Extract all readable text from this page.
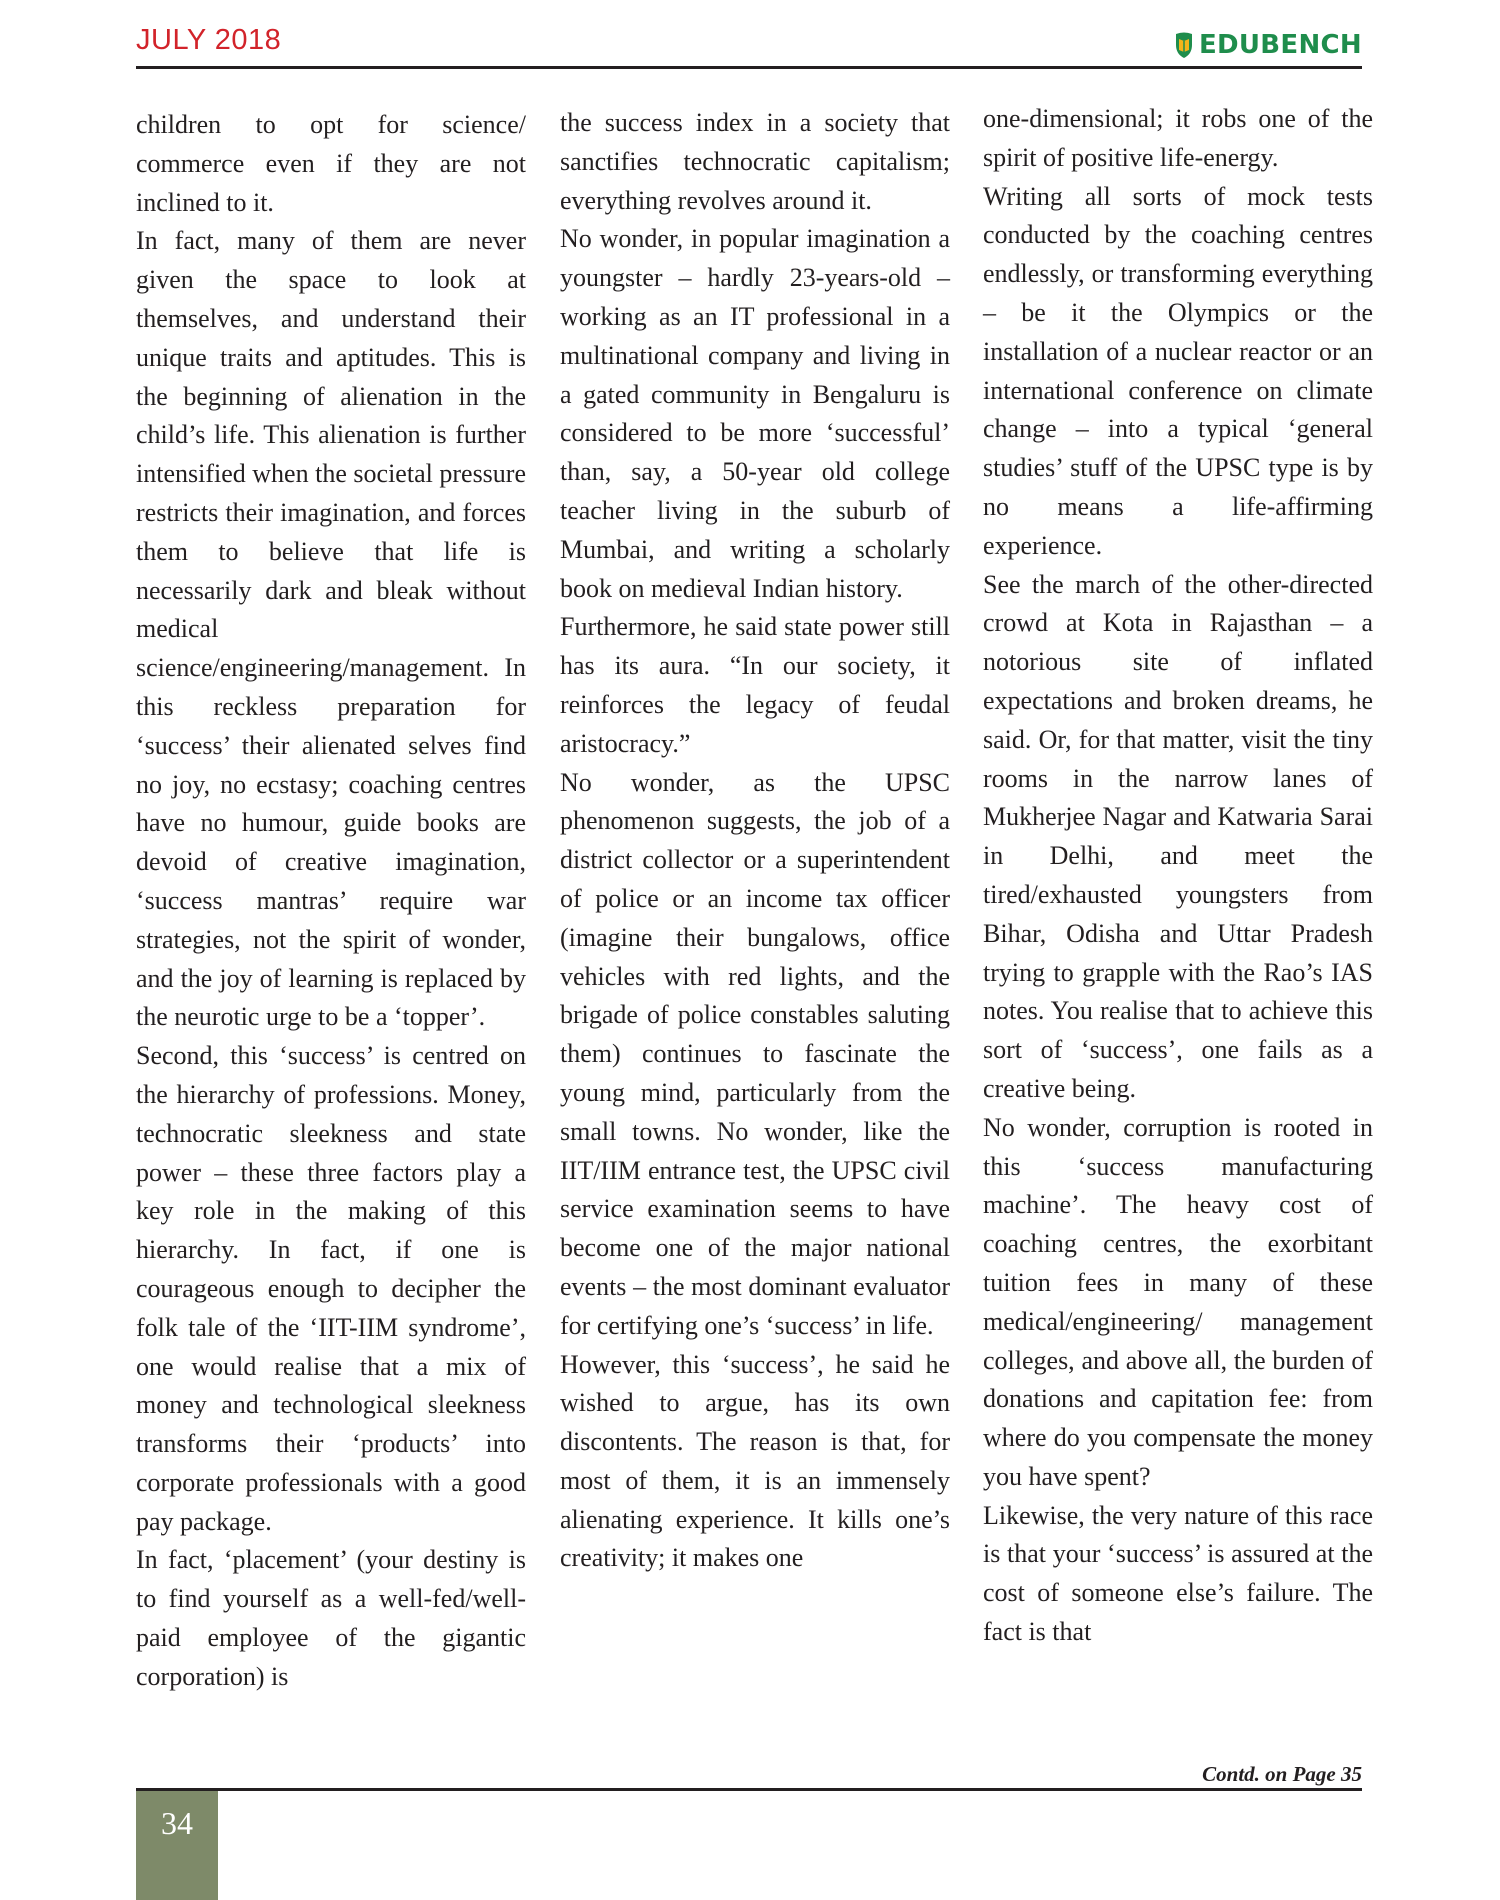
JULY 2018	EDUBENCH

children to opt for science/ commerce even if they are not inclined to it.

In fact, many of them are never given the space to look at themselves, and understand their unique traits and aptitudes. This is the beginning of alienation in the child’s life. This alienation is further intensified when the societal pressure restricts their imagination, and forces them to believe that life is necessarily dark and bleak without medical science/engineering/management. In this reckless preparation for ‘success’ their alienated selves find no joy, no ecstasy; coaching centres have no humour, guide books are devoid of creative imagination, ‘success mantras’ require war strategies, not the spirit of wonder, and the joy of learning is replaced by the neurotic urge to be a ‘topper’.

Second, this ‘success’ is centred on the hierarchy of professions. Money, technocratic sleekness and state power – these three factors play a key role in the making of this hierarchy. In fact, if one is courageous enough to decipher the folk tale of the ‘IIT-IIM syndrome’, one would realise that a mix of money and technological sleekness transforms their ‘products’ into corporate professionals with a good pay package.

In fact, ‘placement’ (your destiny is to find yourself as a well-fed/well-paid employee of the gigantic corporation) is

the success index in a society that sanctifies technocratic capitalism; everything revolves around it.

No wonder, in popular imagination a youngster – hardly 23-years-old – working as an IT professional in a multinational company and living in a gated community in Bengaluru is considered to be more ‘successful’ than, say, a 50-year old college teacher living in the suburb of Mumbai, and writing a scholarly book on medieval Indian history.

Furthermore, he said state power still has its aura. “In our society, it reinforces the legacy of feudal aristocracy.”

No wonder, as the UPSC phenomenon suggests, the job of a district collector or a superintendent of police or an income tax officer (imagine their bungalows, office vehicles with red lights, and the brigade of police constables saluting them) continues to fascinate the young mind, particularly from the small towns. No wonder, like the IIT/IIM entrance test, the UPSC civil service examination seems to have become one of the major national events – the most dominant evaluator for certifying one’s ‘success’ in life.

However, this ‘success’, he said he wished to argue, has its own discontents. The reason is that, for most of them, it is an immensely alienating experience. It kills one’s creativity; it makes one

one-dimensional; it robs one of the spirit of positive life-energy.

Writing all sorts of mock tests conducted by the coaching centres endlessly, or transforming everything – be it the Olympics or the installation of a nuclear reactor or an international conference on climate change – into a typical ‘general studies’ stuff of the UPSC type is by no means a life-affirming experience.

See the march of the other-directed crowd at Kota in Rajasthan – a notorious site of inflated expectations and broken dreams, he said. Or, for that matter, visit the tiny rooms in the narrow lanes of Mukherjee Nagar and Katwaria Sarai in Delhi, and meet the tired/exhausted youngsters from Bihar, Odisha and Uttar Pradesh trying to grapple with the Rao’s IAS notes. You realise that to achieve this sort of ‘success’, one fails as a creative being.

No wonder, corruption is rooted in this ‘success manufacturing machine’. The heavy cost of coaching centres, the exorbitant tuition fees in many of these medical/engineering/ management colleges, and above all, the burden of donations and capitation fee: from where do you compensate the money you have spent?

Likewise, the very nature of this race is that your ‘success’ is assured at the cost of someone else’s failure. The fact is that

Contd. on Page 35
34
